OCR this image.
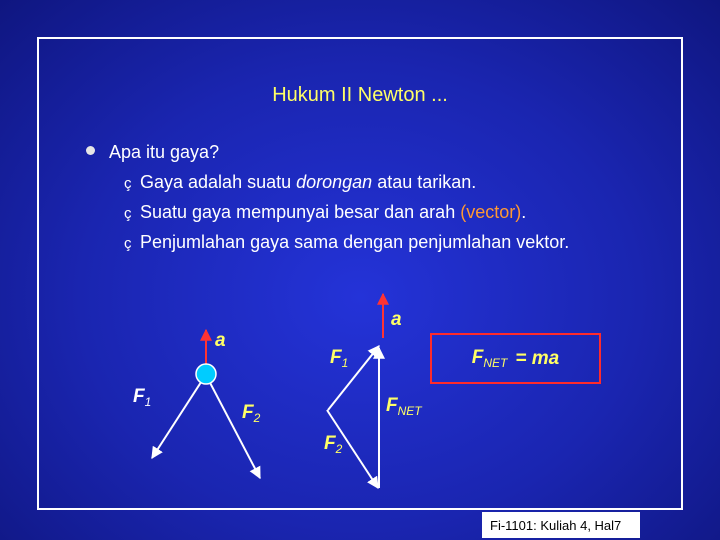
Hukum II Newton ...
Apa itu gaya?
ç Gaya adalah suatu dorongan atau tarikan.
ç Suatu gaya mempunyai besar dan arah (vector).
ç Penjumlahan gaya sama dengan penjumlahan vektor.
a
$F_1$	$F_2$
a
$F_1$
$F_{NET}$
$F_2$
$F_{NET}$ = ma
Fi-1101: Kuliah 4, Hal7
